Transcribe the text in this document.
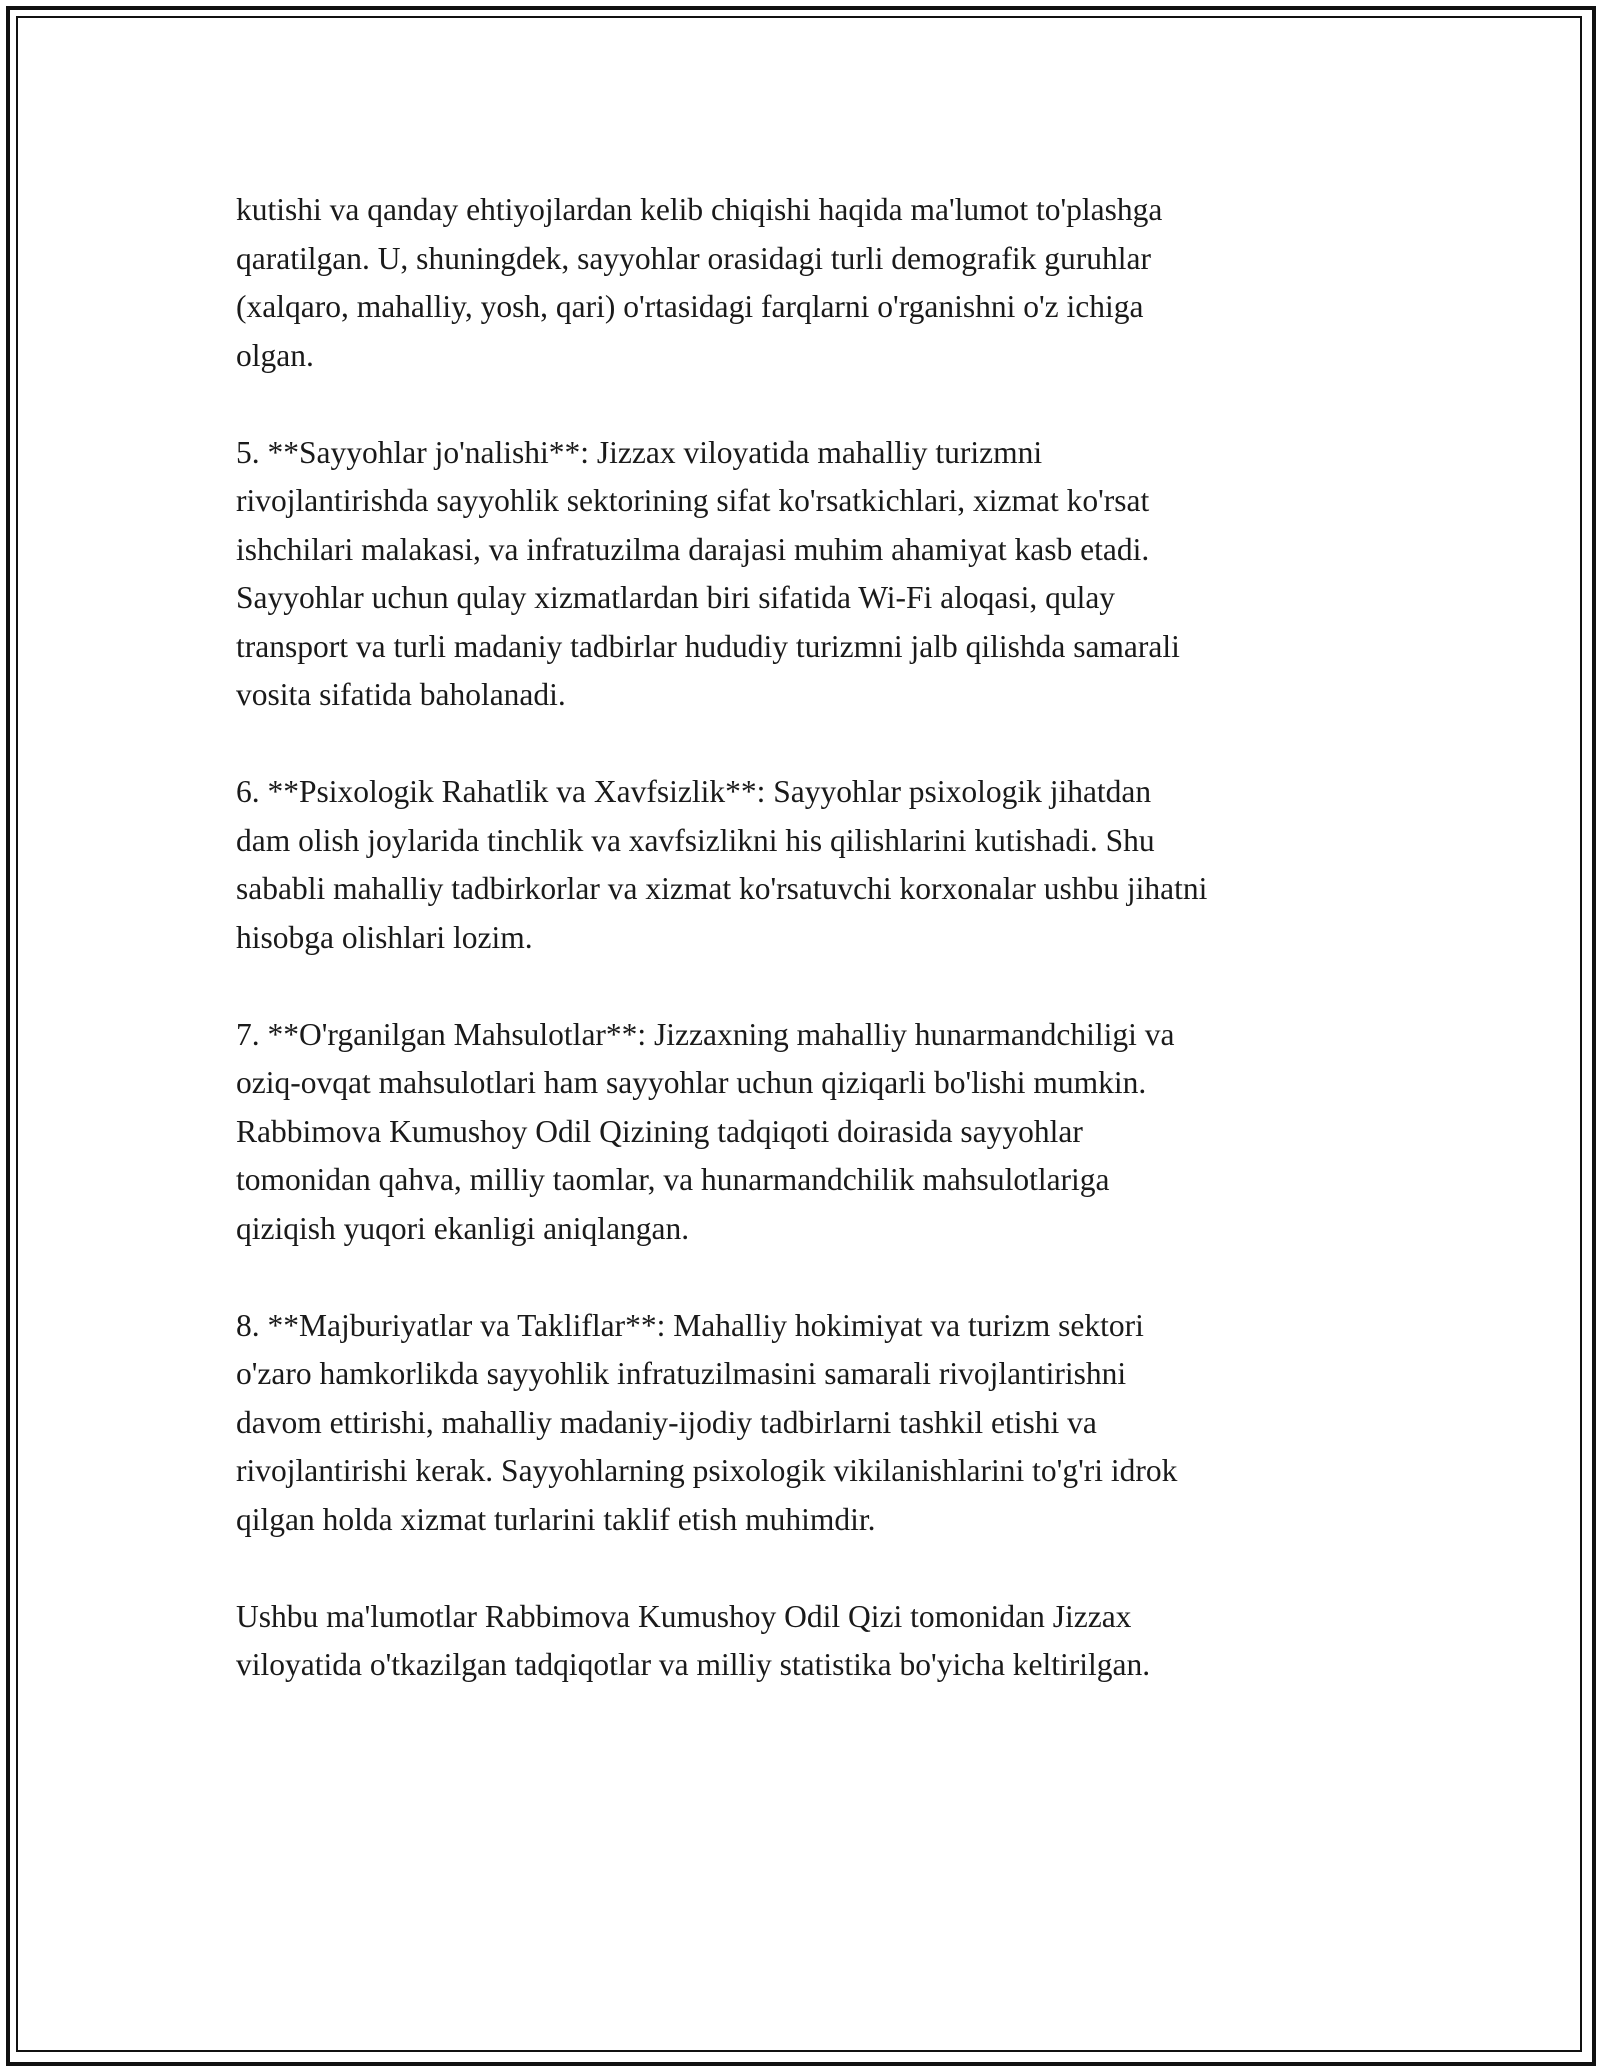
kutishi va qanday ehtiyojlardan kelib chiqishi haqida ma'lumot to'plashga
qaratilgan. U, shuningdek, sayyohlar orasidagi turli demografik guruhlar
(xalqaro, mahalliy, yosh, qari) o'rtasidagi farqlarni o'rganishni o'z ichiga
olgan.

5. **Sayyohlar jo'nalishi**: Jizzax viloyatida mahalliy turizmni
rivojlantirishda sayyohlik sektorining sifat ko'rsatkichlari, xizmat ko'rsat
ishchilari malakasi, va infratuzilma darajasi muhim ahamiyat kasb etadi.
Sayyohlar uchun qulay xizmatlardan biri sifatida Wi-Fi aloqasi, qulay
transport va turli madaniy tadbirlar hududiy turizmni jalb qilishda samarali
vosita sifatida baholanadi.

6. **Psixologik Rahatlik va Xavfsizlik**: Sayyohlar psixologik jihatdan
dam olish joylarida tinchlik va xavfsizlikni his qilishlarini kutishadi. Shu
sababli mahalliy tadbirkorlar va xizmat ko'rsatuvchi korxonalar ushbu jihatni
hisobga olishlari lozim.

7. **O'rganilgan Mahsulotlar**: Jizzaxning mahalliy hunarmandchiligi va
oziq-ovqat mahsulotlari ham sayyohlar uchun qiziqarli bo'lishi mumkin.
Rabbimova Kumushoy Odil Qizining tadqiqoti doirasida sayyohlar
tomonidan qahva, milliy taomlar, va hunarmandchilik mahsulotlariga
qiziqish yuqori ekanligi aniqlangan.

8. **Majburiyatlar va Takliflar**: Mahalliy hokimiyat va turizm sektori
o'zaro hamkorlikda sayyohlik infratuzilmasini samarali rivojlantirishni
davom ettirishi, mahalliy madaniy-ijodiy tadbirlarni tashkil etishi va
rivojlantirishi kerak. Sayyohlarning psixologik vikilanishlarini to'g'ri idrok
qilgan holda xizmat turlarini taklif etish muhimdir.

Ushbu ma'lumotlar Rabbimova Kumushoy Odil Qizi tomonidan Jizzax
viloyatida o'tkazilgan tadqiqotlar va milliy statistika bo'yicha keltirilgan.
